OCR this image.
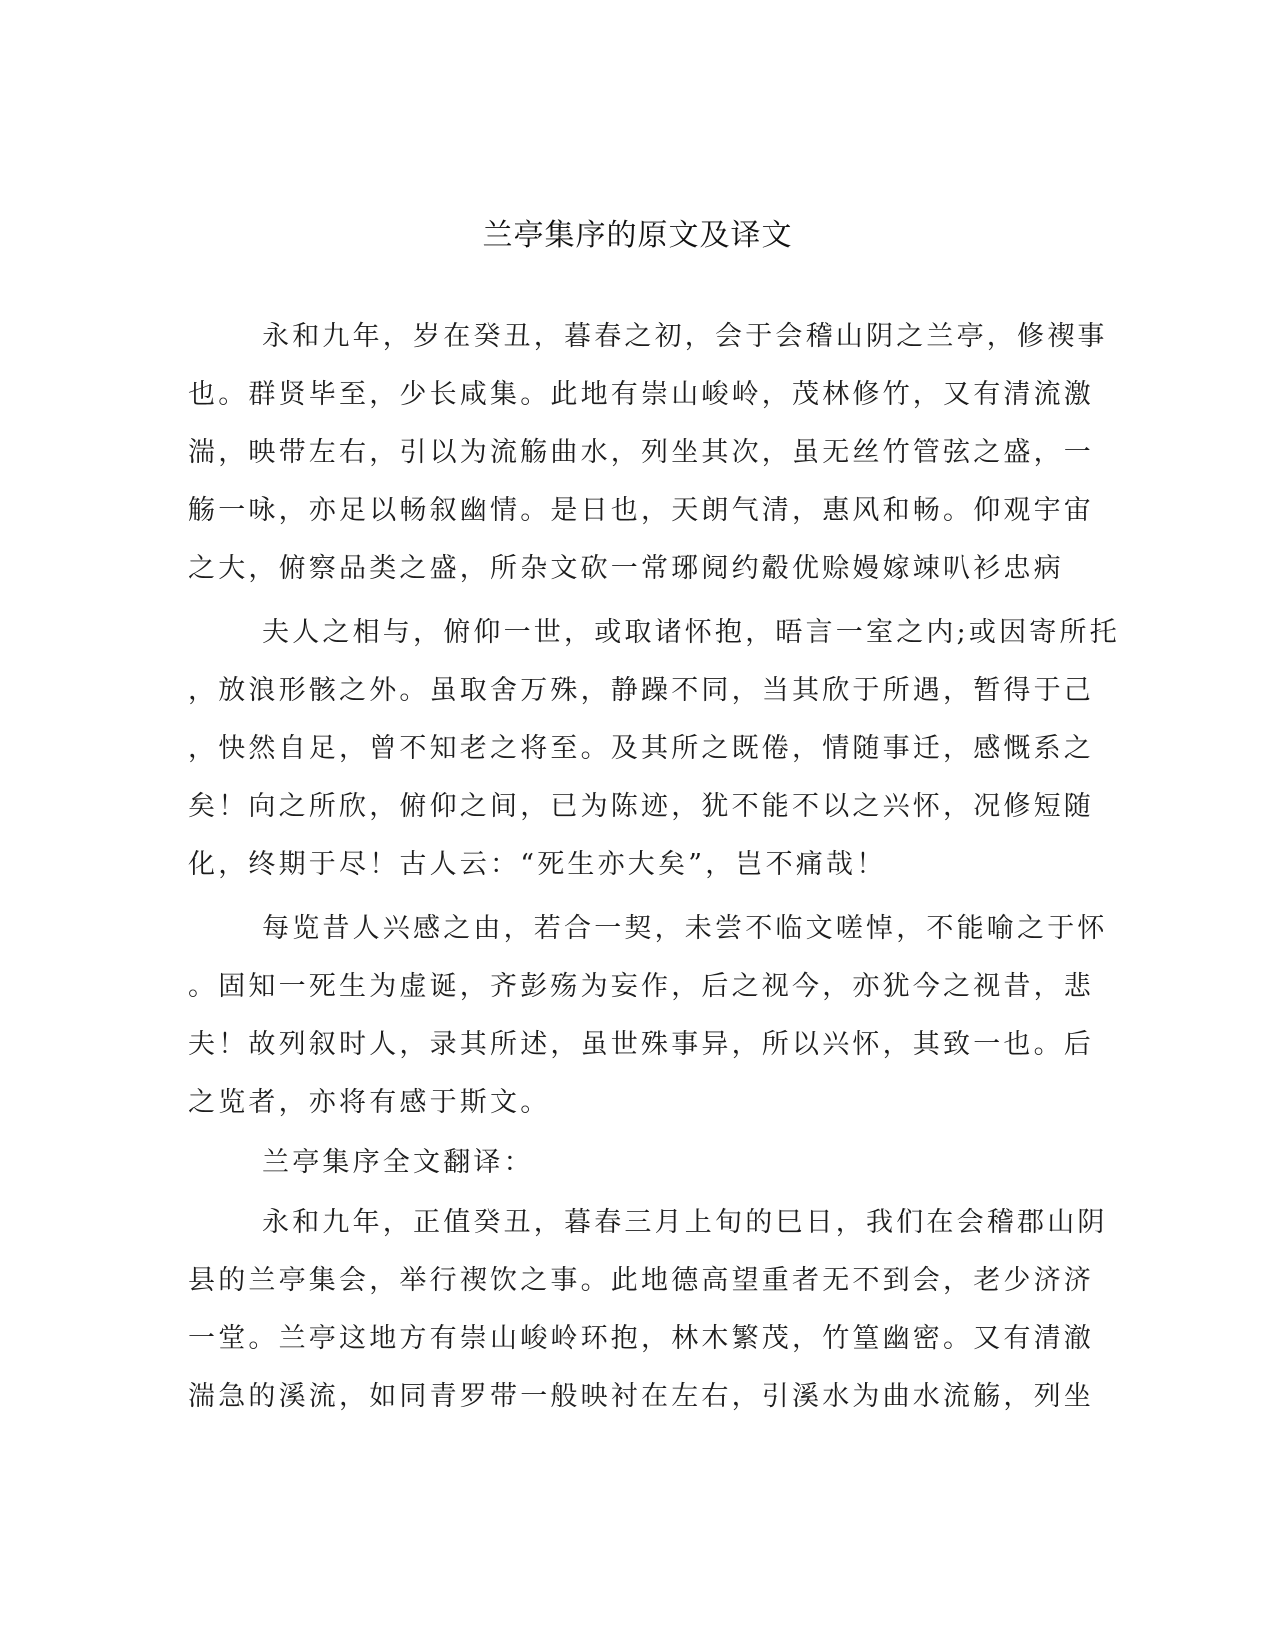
兰亭集序的原文及译文
永和九年，岁在癸丑，暮春之初，会于会稽山阴之兰亭，修禊事
也。群贤毕至，少长咸集。此地有崇山峻岭，茂林修竹，又有清流激
湍，映带左右，引以为流觞曲水，列坐其次，虽无丝竹管弦之盛，一
觞一咏，亦足以畅叙幽情。是日也，天朗气清，惠风和畅。仰观宇宙
之大，俯察品类之盛，所杂文砍一常琊阋约觳优赊嫚嫁竦叭衫忠病
夫人之相与，俯仰一世，或取诸怀抱，晤言一室之内;或因寄所托
，放浪形骸之外。虽取舍万殊，静躁不同，当其欣于所遇，暂得于己
，快然自足，曾不知老之将至。及其所之既倦，情随事迁，感慨系之
矣！向之所欣，俯仰之间，已为陈迹，犹不能不以之兴怀，况修短随
化，终期于尽！古人云：“死生亦大矣”，岂不痛哉！
每览昔人兴感之由，若合一契，未尝不临文嗟悼，不能喻之于怀
。固知一死生为虚诞，齐彭殇为妄作，后之视今，亦犹今之视昔，悲
夫！故列叙时人，录其所述，虽世殊事异，所以兴怀，其致一也。后
之览者，亦将有感于斯文。
兰亭集序全文翻译：
永和九年，正值癸丑，暮春三月上旬的巳日，我们在会稽郡山阴
县的兰亭集会，举行禊饮之事。此地德高望重者无不到会，老少济济
一堂。兰亭这地方有崇山峻岭环抱，林木繁茂，竹篁幽密。又有清澈
湍急的溪流，如同青罗带一般映衬在左右，引溪水为曲水流觞，列坐
